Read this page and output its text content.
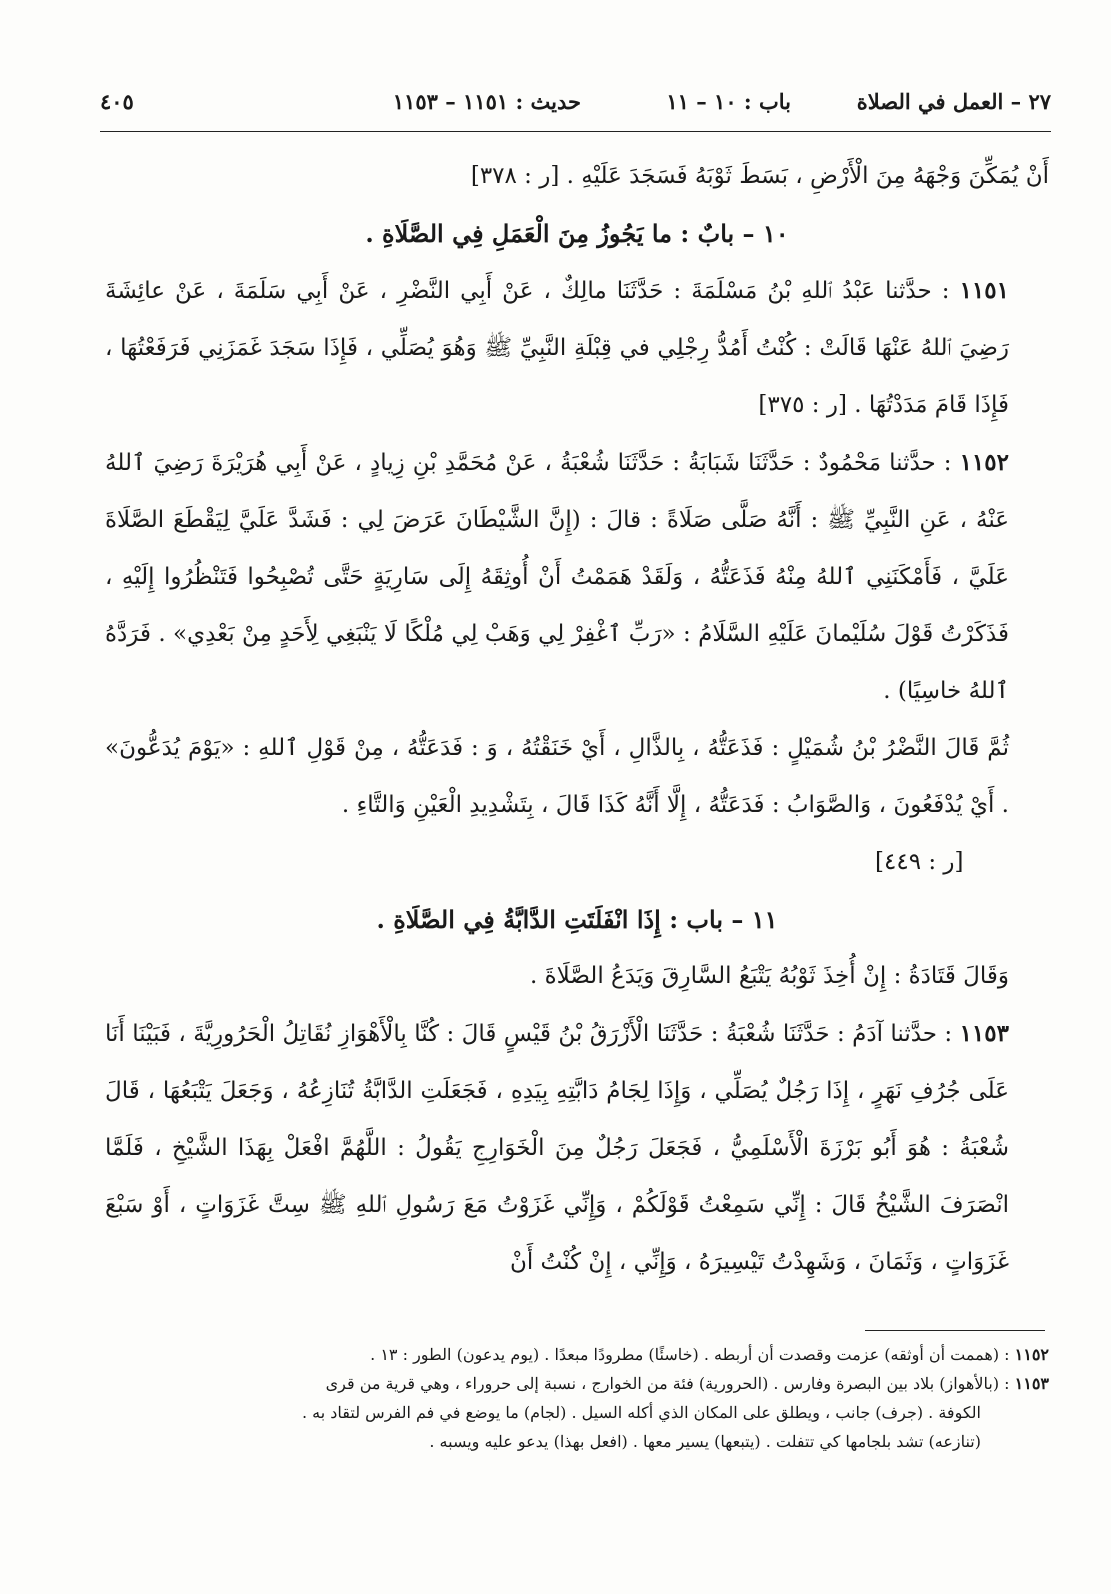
٢٧ – العمل في الصلاة
باب : ١٠ – ١١
حديث : ١١٥١ – ١١٥٣
٤٠٥

أَنْ يُمَكِّنَ وَجْهَهُ مِنَ الْأَرْضِ ، بَسَطَ ثَوْبَهُ فَسَجَدَ عَلَيْهِ . [ر : ٣٧٨]

١٠ – بابٌ : ما يَجُوزُ مِنَ الْعَمَلِ فِي الصَّلَاةِ .

١١٥١ : حدَّثنا عَبْدُ ٱللهِ بْنُ مَسْلَمَةَ : حَدَّثَنَا مالِكٌ ، عَنْ أَبِي النَّضْرِ ، عَنْ أَبِي سَلَمَةَ ، عَنْ عائِشَةَ رَضِيَ ٱللهُ عَنْهَا قَالَتْ : كُنْتُ أَمُدُّ رِجْلِي في قِبْلَةِ النَّبِيِّ ﷺ وَهُوَ يُصَلِّي ، فَإِذَا سَجَدَ غَمَزَنِي فَرَفَعْتُهَا ، فَإِذَا قَامَ مَدَدْتُهَا . [ر : ٣٧٥]

١١٥٢ : حدَّثنا مَحْمُودٌ : حَدَّثَنَا شَبَابَةُ : حَدَّثَنَا شُعْبَةُ ، عَنْ مُحَمَّدِ بْنِ زِيادٍ ، عَنْ أَبِي هُرَيْرَةَ رَضِيَ ٱللهُ عَنْهُ ، عَنِ النَّبِيِّ ﷺ : أَنَّهُ صَلَّى صَلَاةً : قالَ : (إِنَّ الشَّيْطَانَ عَرَضَ لِي : فَشَدَّ عَلَيَّ لِيَقْطَعَ الصَّلَاةَ عَلَيَّ ، فَأَمْكَنَنِي ٱللهُ مِنْهُ فَذَعَتُّهُ ، وَلَقَدْ هَمَمْتُ أَنْ أُوثِقَهُ إِلَى سَارِيَةٍ حَتَّى تُصْبِحُوا فَتَنْظُرُوا إِلَيْهِ ، فَذَكَرْتُ قَوْلَ سُلَيْمانَ عَلَيْهِ السَّلَامُ : «رَبِّ ٱغْفِرْ لِي وَهَبْ لِي مُلْكًا لَا يَنْبَغِي لِأَحَدٍ مِنْ بَعْدِي» . فَرَدَّهُ ٱللهُ خاسِيًا) .

ثُمَّ قَالَ النَّضْرُ بْنُ شُمَيْلٍ : فَذَعَتُّهُ ، بِالذَّالِ ، أَيْ خَنَقْتُهُ ، وَ : فَدَعَتُّهُ ، مِنْ قَوْلِ ٱللهِ : «يَوْمَ يُدَعُّونَ» . أَيْ يُدْفَعُونَ ، وَالصَّوَابُ : فَدَعَتُّهُ ، إِلَّا أَنَّهُ كَذَا قَالَ ، بِتَشْدِيدِ الْعَيْنِ وَالتَّاءِ .

[ر : ٤٤٩]

١١ – باب : إِذَا انْفَلَتَتِ الدَّابَّةُ فِي الصَّلَاةِ .

وَقَالَ قَتَادَةُ : إِنْ أُخِذَ ثَوْبُهُ يَتْبَعُ السَّارِقَ وَيَدَعُ الصَّلَاةَ .

١١٥٣ : حدَّثنا آدَمُ : حَدَّثَنَا شُعْبَةُ : حَدَّثَنَا الْأَزْرَقُ بْنُ قَيْسٍ قَالَ : كُنَّا بِالْأَهْوَازِ نُقَاتِلُ الْحَرُورِيَّةَ ، فَبَيْنَا أَنَا عَلَى جُرُفِ نَهَرٍ ، إِذَا رَجُلٌ يُصَلِّي ، وَإِذَا لِجَامُ دَابَّتِهِ بِيَدِهِ ، فَجَعَلَتِ الدَّابَّةُ تُنَازِعُهُ ، وَجَعَلَ يَتْبَعُهَا ، قَالَ شُعْبَةُ : هُوَ أَبُو بَرْزَةَ الْأَسْلَمِيُّ ، فَجَعَلَ رَجُلٌ مِنَ الْخَوَارِجِ يَقُولُ : اللَّهُمَّ افْعَلْ بِهَذَا الشَّيْخِ ، فَلَمَّا انْصَرَفَ الشَّيْخُ قَالَ : إِنِّي سَمِعْتُ قَوْلَكُمْ ، وَإِنِّي غَزَوْتُ مَعَ رَسُولِ ٱللهِ ﷺ سِتَّ غَزَوَاتٍ ، أَوْ سَبْعَ غَزَوَاتٍ ، وَثَمَانَ ، وَشَهِدْتُ تَيْسِيرَهُ ، وَإِنِّي ، إِنْ كُنْتُ أَنْ

١١٥٢ : (هممت أن أوثقه) عزمت وقصدت أن أربطه . (خاسئًا) مطرودًا مبعدًا . (يوم يدعون) الطور : ١٣ .

١١٥٣ : (بالأهواز) بلاد بين البصرة وفارس . (الحرورية) فئة من الخوارج ، نسبة إلى حروراء ، وهي قرية من قرى

الكوفة . (جرف) جانب ، ويطلق على المكان الذي أكله السيل . (لجام) ما يوضع في فم الفرس لتقاد به .

(تنازعه) تشد بلجامها كي تتفلت . (يتبعها) يسير معها . (افعل بهذا) يدعو عليه ويسبه .
